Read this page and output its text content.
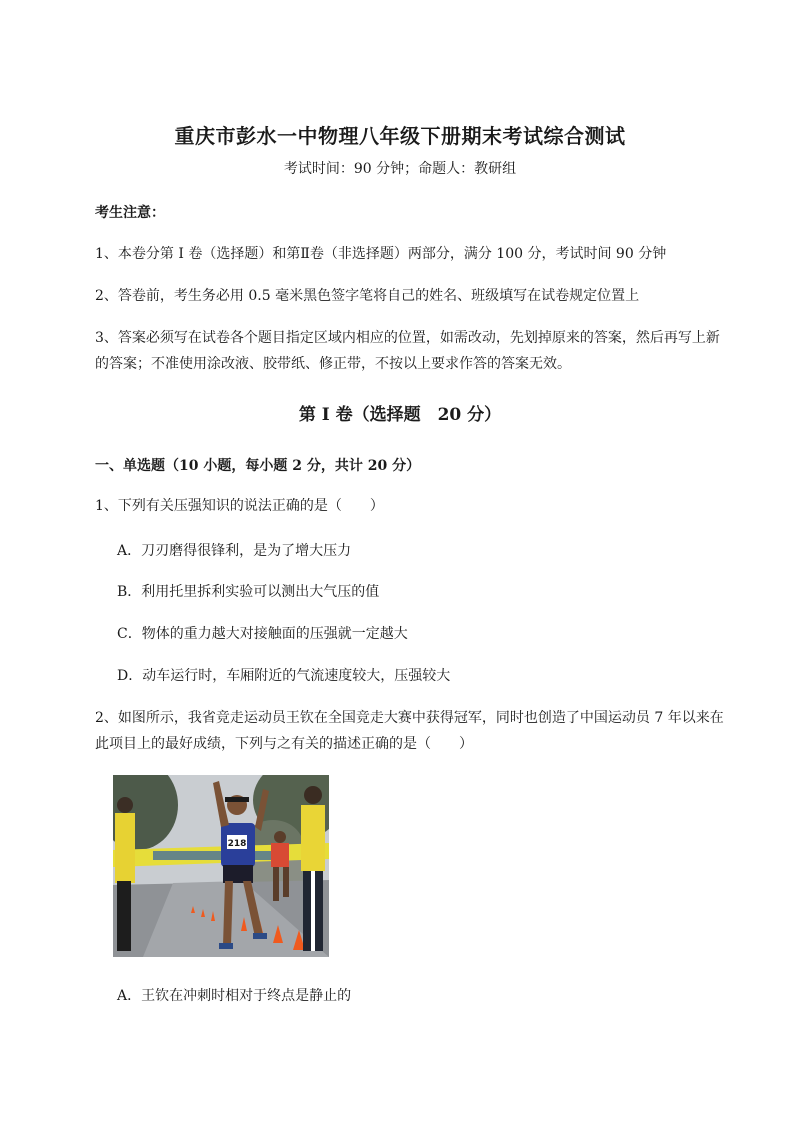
重庆市彭水一中物理八年级下册期末考试综合测试
考试时间：90 分钟；命题人：教研组
考生注意：
1、本卷分第 I 卷（选择题）和第Ⅱ卷（非选择题）两部分，满分 100 分，考试时间 90 分钟
2、答卷前，考生务必用 0.5 毫米黑色签字笔将自己的姓名、班级填写在试卷规定位置上
3、答案必须写在试卷各个题目指定区域内相应的位置，如需改动，先划掉原来的答案，然后再写上新
的答案；不准使用涂改液、胶带纸、修正带，不按以上要求作答的答案无效。
第 I 卷（选择题　20 分）
一、单选题（10 小题，每小题 2 分，共计 20 分）
1、下列有关压强知识的说法正确的是（　　）
A．刀刃磨得很锋利，是为了增大压力
B．利用托里拆利实验可以测出大气压的值
C．物体的重力越大对接触面的压强就一定越大
D．动车运行时，车厢附近的气流速度较大，压强较大
2、如图所示，我省竞走运动员王钦在全国竞走大赛中获得冠军，同时也创造了中国运动员 7 年以来在
此项目上的最好成绩，下列与之有关的描述正确的是（　　）
218
A．王钦在冲刺时相对于终点是静止的
